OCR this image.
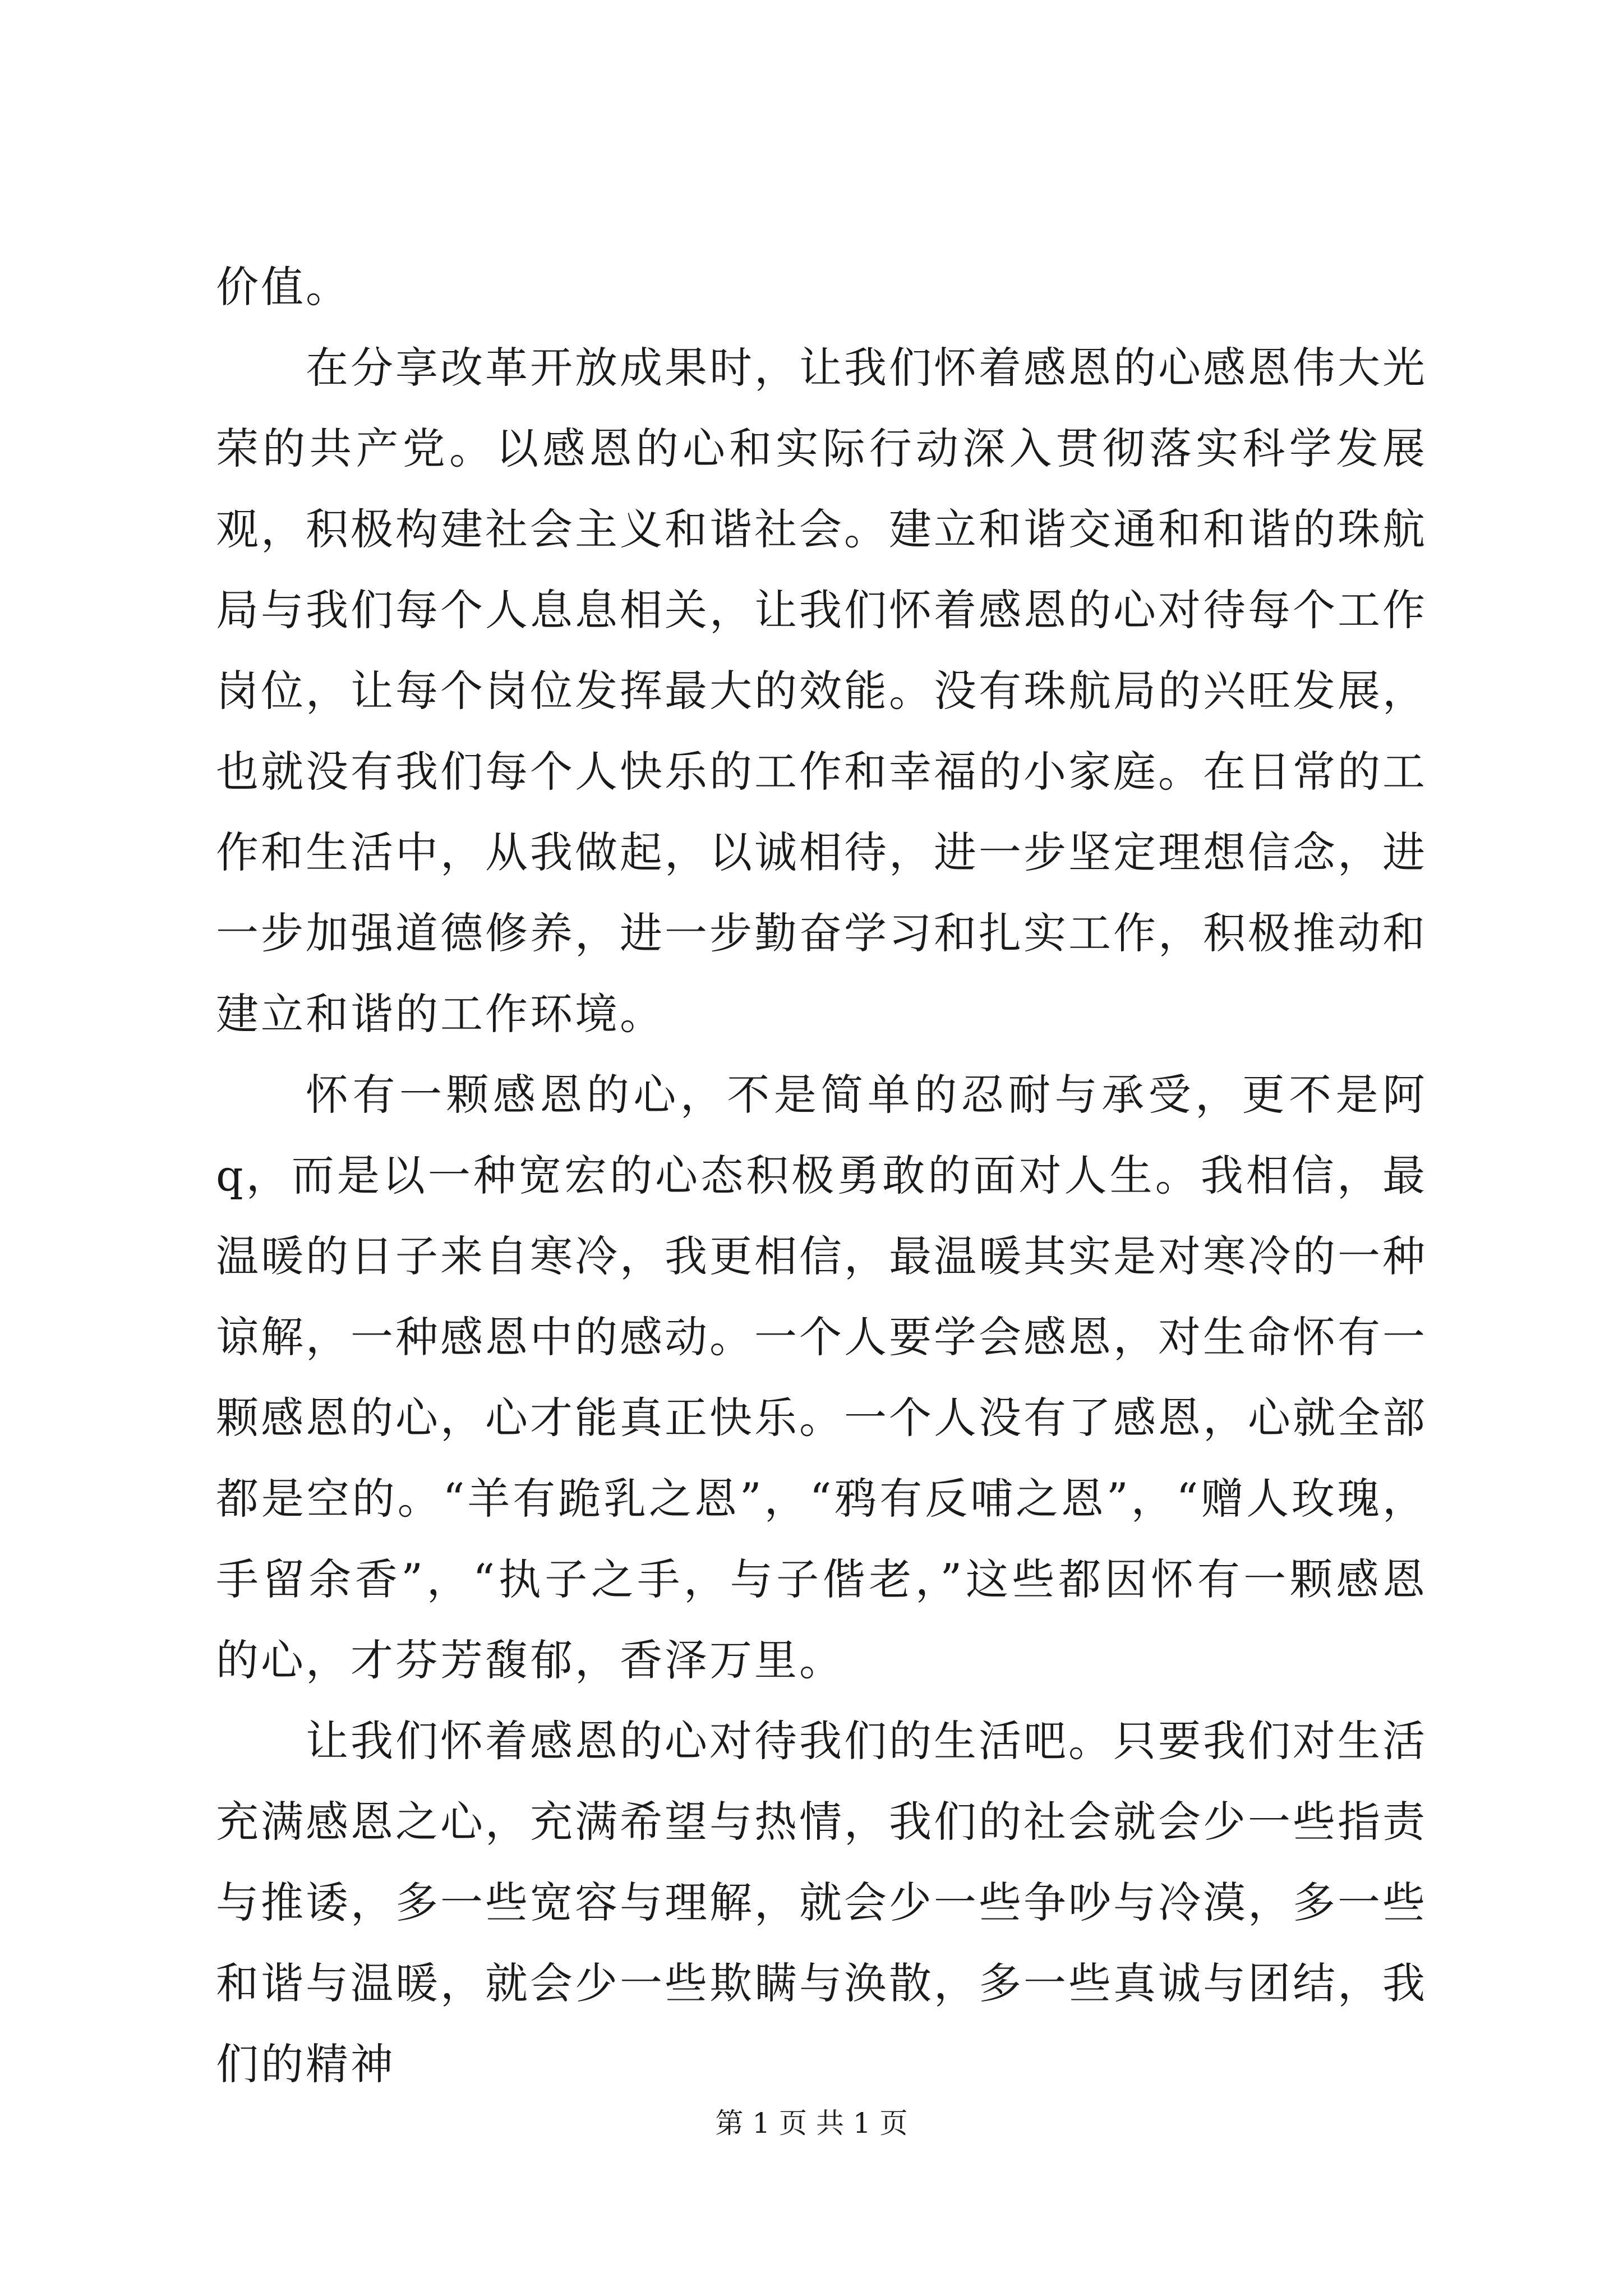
价值。

在分享改革开放成果时，让我们怀着感恩的心感恩伟大光荣的共产党。以感恩的心和实际行动深入贯彻落实科学发展观，积极构建社会主义和谐社会。建立和谐交通和和谐的珠航局与我们每个人息息相关，让我们怀着感恩的心对待每个工作岗位，让每个岗位发挥最大的效能。没有珠航局的兴旺发展，也就没有我们每个人快乐的工作和幸福的小家庭。在日常的工作和生活中，从我做起，以诚相待，进一步坚定理想信念，进一步加强道德修养，进一步勤奋学习和扎实工作，积极推动和建立和谐的工作环境。

怀有一颗感恩的心，不是简单的忍耐与承受，更不是阿 q，而是以一种宽宏的心态积极勇敢的面对人生。我相信，最温暖的日子来自寒冷，我更相信，最温暖其实是对寒冷的一种谅解，一种感恩中的感动。一个人要学会感恩，对生命怀有一颗感恩的心，心才能真正快乐。一个人没有了感恩，心就全部都是空的。“羊有跪乳之恩”，“鸦有反哺之恩”，“赠人玫瑰，手留余香”，“执子之手，与子偕老，”这些都因怀有一颗感恩的心，才芬芳馥郁，香泽万里。

让我们怀着感恩的心对待我们的生活吧。只要我们对生活充满感恩之心，充满希望与热情，我们的社会就会少一些指责与推诿，多一些宽容与理解，就会少一些争吵与冷漠，多一些和谐与温暖，就会少一些欺瞒与涣散，多一些真诚与团结，我们的精神

第 1 页 共 1 页
